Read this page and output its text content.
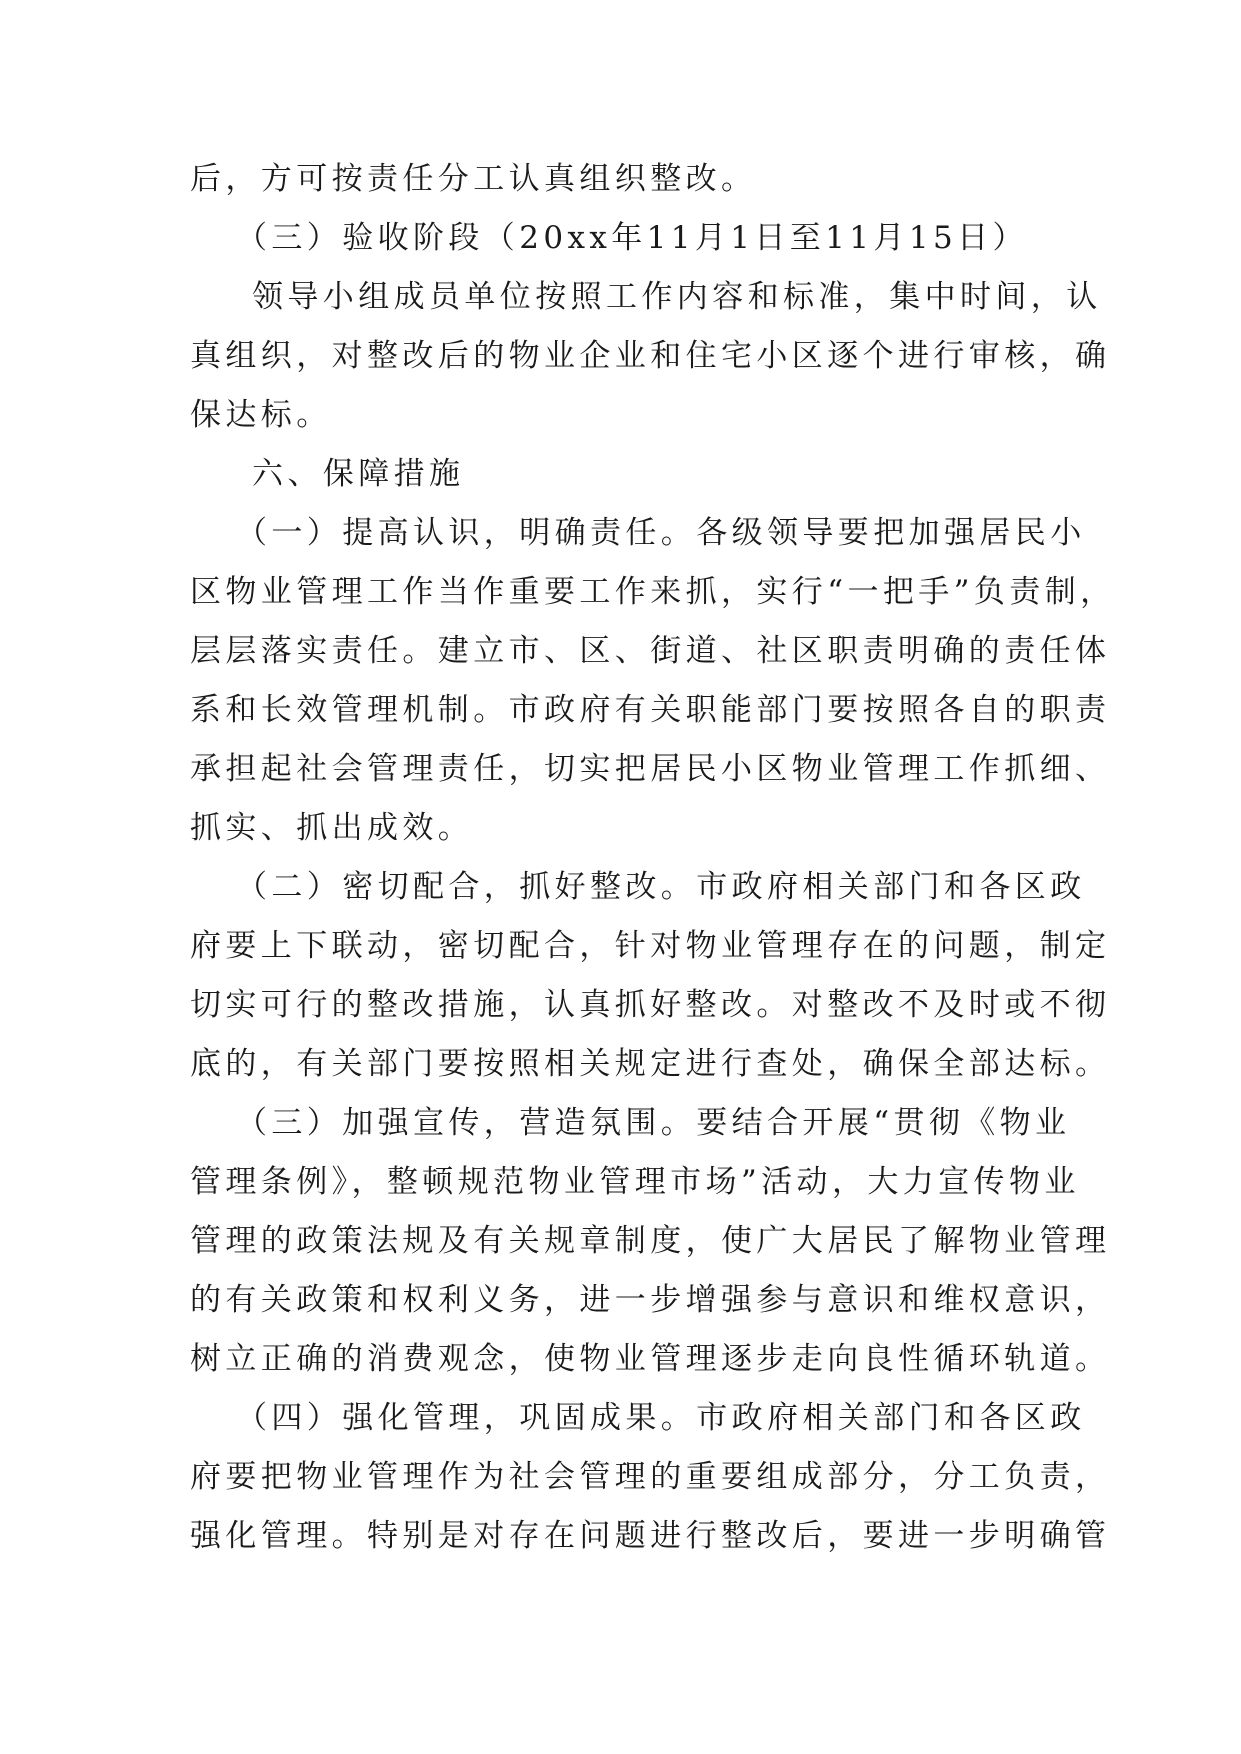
后，方可按责任分工认真组织整改。
（三）验收阶段（20xx年11月1日至11月15日）
领导小组成员单位按照工作内容和标准，集中时间，认
真组织，对整改后的物业企业和住宅小区逐个进行审核，确
保达标。
六、保障措施
（一）提高认识，明确责任。各级领导要把加强居民小
区物业管理工作当作重要工作来抓，实行“一把手”负责制，
层层落实责任。建立市、区、街道、社区职责明确的责任体
系和长效管理机制。市政府有关职能部门要按照各自的职责
承担起社会管理责任，切实把居民小区物业管理工作抓细、
抓实、抓出成效。
（二）密切配合，抓好整改。市政府相关部门和各区政
府要上下联动，密切配合，针对物业管理存在的问题，制定
切实可行的整改措施，认真抓好整改。对整改不及时或不彻
底的，有关部门要按照相关规定进行查处，确保全部达标。
（三）加强宣传，营造氛围。要结合开展“贯彻《物业
管理条例》，整顿规范物业管理市场”活动，大力宣传物业
管理的政策法规及有关规章制度，使广大居民了解物业管理
的有关政策和权利义务，进一步增强参与意识和维权意识，
树立正确的消费观念，使物业管理逐步走向良性循环轨道。
（四）强化管理，巩固成果。市政府相关部门和各区政
府要把物业管理作为社会管理的重要组成部分，分工负责，
强化管理。特别是对存在问题进行整改后，要进一步明确管
